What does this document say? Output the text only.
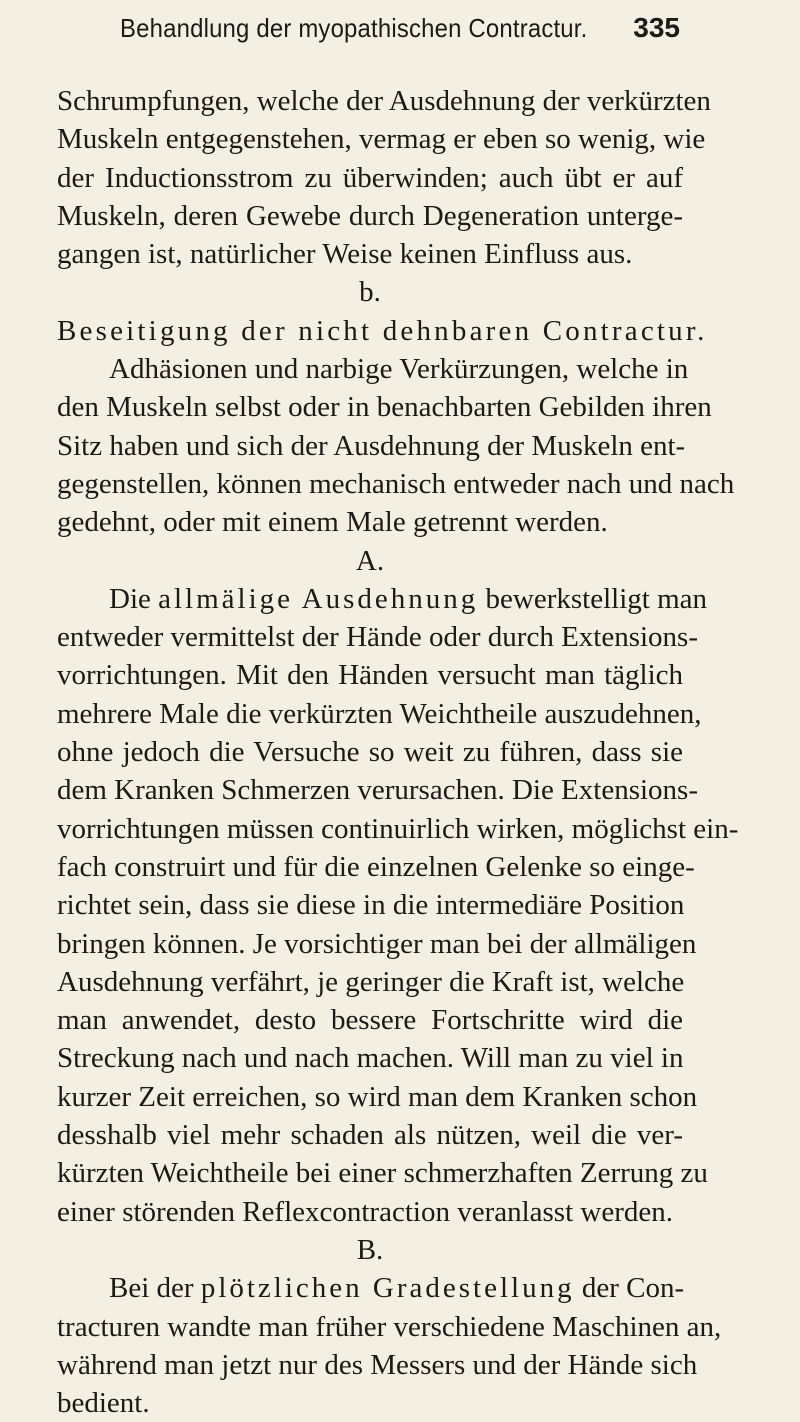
Behandlung der myopathischen Contractur. 335
Schrumpfungen, welche der Ausdehnung der verkürzten
Muskeln entgegenstehen, vermag er eben so wenig, wie
der Inductionsstrom zu überwinden; auch übt er auf
Muskeln, deren Gewebe durch Degeneration unterge-
gangen ist, natürlicher Weise keinen Einfluss aus.
b.
Beseitigung der nicht dehnbaren Contractur.
Adhäsionen und narbige Verkürzungen, welche in
den Muskeln selbst oder in benachbarten Gebilden ihren
Sitz haben und sich der Ausdehnung der Muskeln ent-
gegenstellen, können mechanisch entweder nach und nach
gedehnt, oder mit einem Male getrennt werden.
A.
Die allmälige Ausdehnung bewerkstelligt man
entweder vermittelst der Hände oder durch Extensions-
vorrichtungen. Mit den Händen versucht man täglich
mehrere Male die verkürzten Weichtheile auszudehnen,
ohne jedoch die Versuche so weit zu führen, dass sie
dem Kranken Schmerzen verursachen. Die Extensions-
vorrichtungen müssen continuirlich wirken, möglichst ein-
fach construirt und für die einzelnen Gelenke so einge-
richtet sein, dass sie diese in die intermediäre Position
bringen können. Je vorsichtiger man bei der allmäligen
Ausdehnung verfährt, je geringer die Kraft ist, welche
man anwendet, desto bessere Fortschritte wird die
Streckung nach und nach machen. Will man zu viel in
kurzer Zeit erreichen, so wird man dem Kranken schon
desshalb viel mehr schaden als nützen, weil die ver-
kürzten Weichtheile bei einer schmerzhaften Zerrung zu
einer störenden Reflexcontraction veranlasst werden.
B.
Bei der plötzlichen Gradestellung der Con-
tracturen wandte man früher verschiedene Maschinen an,
während man jetzt nur des Messers und der Hände sich
bedient.
